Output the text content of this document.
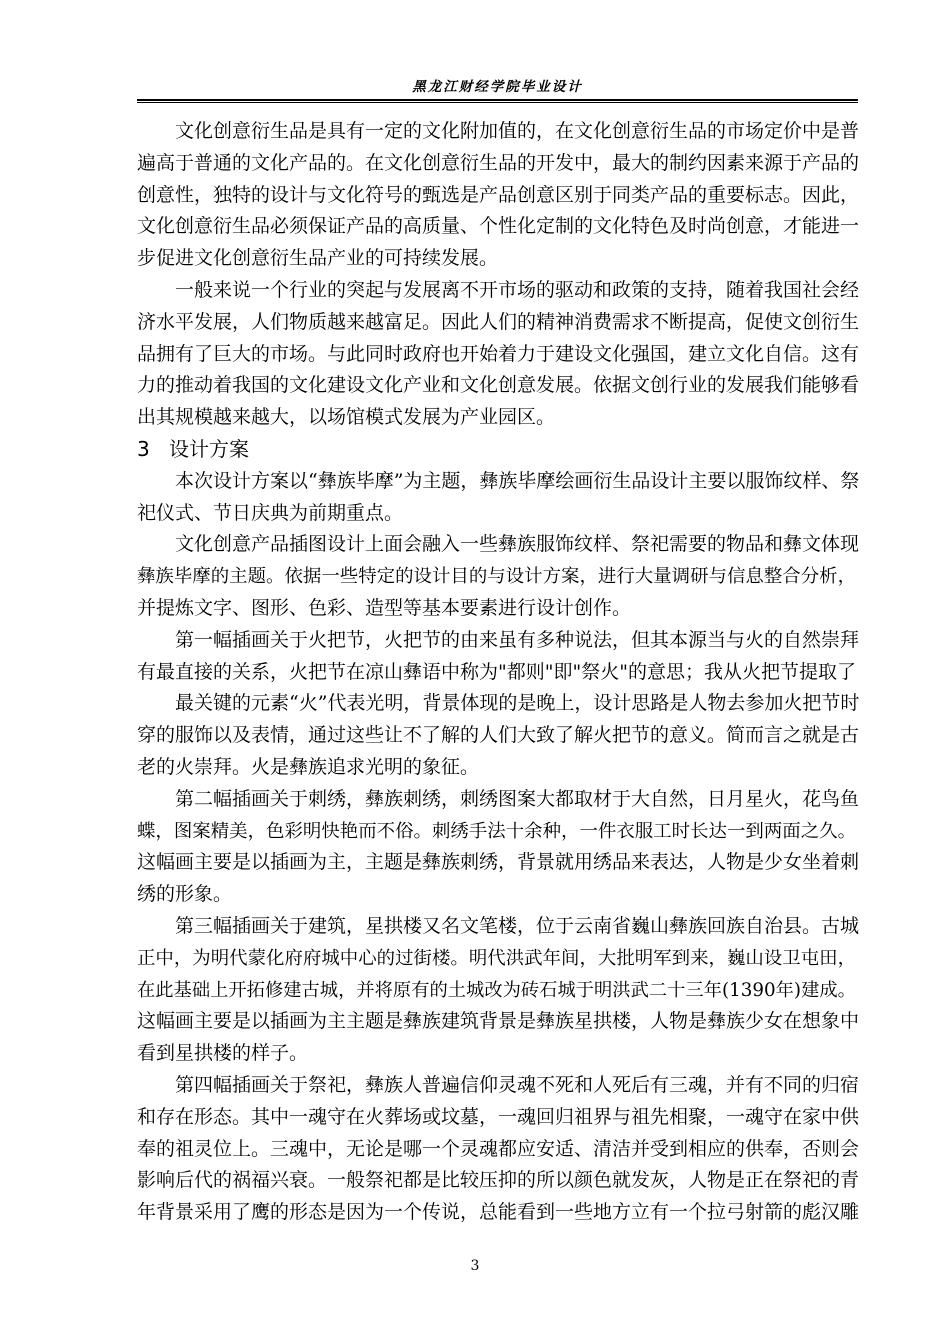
黑龙江财经学院毕业设计

文化创意衍生品是具有一定的文化附加值的，在文化创意衍生品的市场定价中是普
遍高于普通的文化产品的。在文化创意衍生品的开发中，最大的制约因素来源于产品的
创意性，独特的设计与文化符号的甄选是产品创意区别于同类产品的重要标志。因此，
文化创意衍生品必须保证产品的高质量、个性化定制的文化特色及时尚创意，才能进一
步促进文化创意衍生品产业的可持续发展。

一般来说一个行业的突起与发展离不开市场的驱动和政策的支持，随着我国社会经
济水平发展，人们物质越来越富足。因此人们的精神消费需求不断提高，促使文创衍生
品拥有了巨大的市场。与此同时政府也开始着力于建设文化强国，建立文化自信。这有
力的推动着我国的文化建设文化产业和文化创意发展。依据文创行业的发展我们能够看
出其规模越来越大，以场馆模式发展为产业园区。

3 设计方案

本次设计方案以“彝族毕摩”为主题，彝族毕摩绘画衍生品设计主要以服饰纹样、祭
祀仪式、节日庆典为前期重点。

文化创意产品插图设计上面会融入一些彝族服饰纹样、祭祀需要的物品和彝文体现
彝族毕摩的主题。依据一些特定的设计目的与设计方案，进行大量调研与信息整合分析，
并提炼文字、图形、色彩、造型等基本要素进行设计创作。

第一幅插画关于火把节，火把节的由来虽有多种说法，但其本源当与火的自然崇拜
有最直接的关系，火把节在凉山彝语中称为"都则"即"祭火"的意思；我从火把节提取了

最关键的元素“火”代表光明，背景体现的是晚上，设计思路是人物去参加火把节时
穿的服饰以及表情，通过这些让不了解的人们大致了解火把节的意义。简而言之就是古
老的火崇拜。火是彝族追求光明的象征。

第二幅插画关于刺绣，彝族刺绣，刺绣图案大都取材于大自然，日月星火，花鸟鱼
蝶，图案精美，色彩明快艳而不俗。刺绣手法十余种，一件衣服工时长达一到两面之久。
这幅画主要是以插画为主，主题是彝族刺绣，背景就用绣品来表达，人物是少女坐着刺
绣的形象。

第三幅插画关于建筑，星拱楼又名文笔楼，位于云南省巍山彝族回族自治县。古城
正中，为明代蒙化府府城中心的过街楼。明代洪武年间，大批明军到来，巍山设卫屯田，
在此基础上开拓修建古城，并将原有的土城改为砖石城于明洪武二十三年(1390年)建成。
这幅画主要是以插画为主主题是彝族建筑背景是彝族星拱楼，人物是彝族少女在想象中
看到星拱楼的样子。

第四幅插画关于祭祀，彝族人普遍信仰灵魂不死和人死后有三魂，并有不同的归宿
和存在形态。其中一魂守在火葬场或坟墓，一魂回归祖界与祖先相聚，一魂守在家中供
奉的祖灵位上。三魂中，无论是哪一个灵魂都应安适、清洁并受到相应的供奉，否则会
影响后代的祸福兴衰。一般祭祀都是比较压抑的所以颜色就发灰，人物是正在祭祀的青
年背景采用了鹰的形态是因为一个传说，总能看到一些地方立有一个拉弓射箭的彪汉雕

3
